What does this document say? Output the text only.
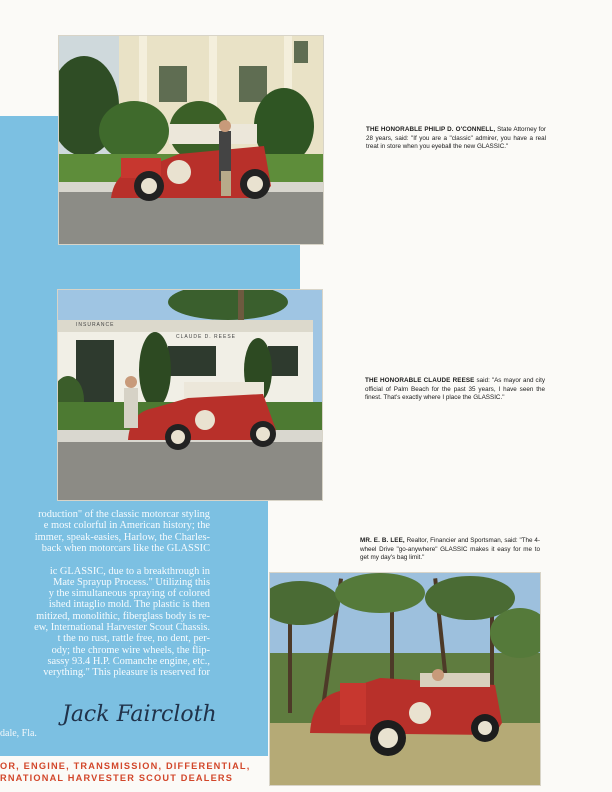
THE HONORABLE PHILIP D. O'CONNELL, State Attorney for 28 years, said: "If you are a "classic" admirer, you have a real treat in store when you eyeball the new GLASSIC."
INSURANCE
CLAUDE D. REESE
THE HONORABLE CLAUDE REESE said: "As mayor and city official of Palm Beach for the past 35 years, I have seen the finest. That's exactly where I place the GLASSIC."
roduction" of the classic motorcar styling
e most colorful in American history; the
immer, speak-easies, Harlow, the Charles-
back when motorcars like the GLASSIC
ic GLASSIC, due to a breakthrough in
Mate Sprayup Process." Utilizing this
y the simultaneous spraying of colored
ished intaglio mold. The plastic is then
mitized, monolithic, fiberglass body is re-
ew, International Harvester Scout Chassis.
t the no rust, rattle free, no dent, per-
ody; the chrome wire wheels, the flip-
sassy 93.4 H.P. Comanche engine, etc.,
verything." This pleasure is reserved for
Jack Faircloth
dale, Fla.
MR. E. B. LEE, Realtor, Financier and Sportsman, said: "The 4-wheel Drive "go-anywhere" GLASSIC makes it easy for me to get my day's bag limit."
OR, ENGINE, TRANSMISSION, DIFFERENTIAL,
RNATIONAL HARVESTER SCOUT DEALERS
